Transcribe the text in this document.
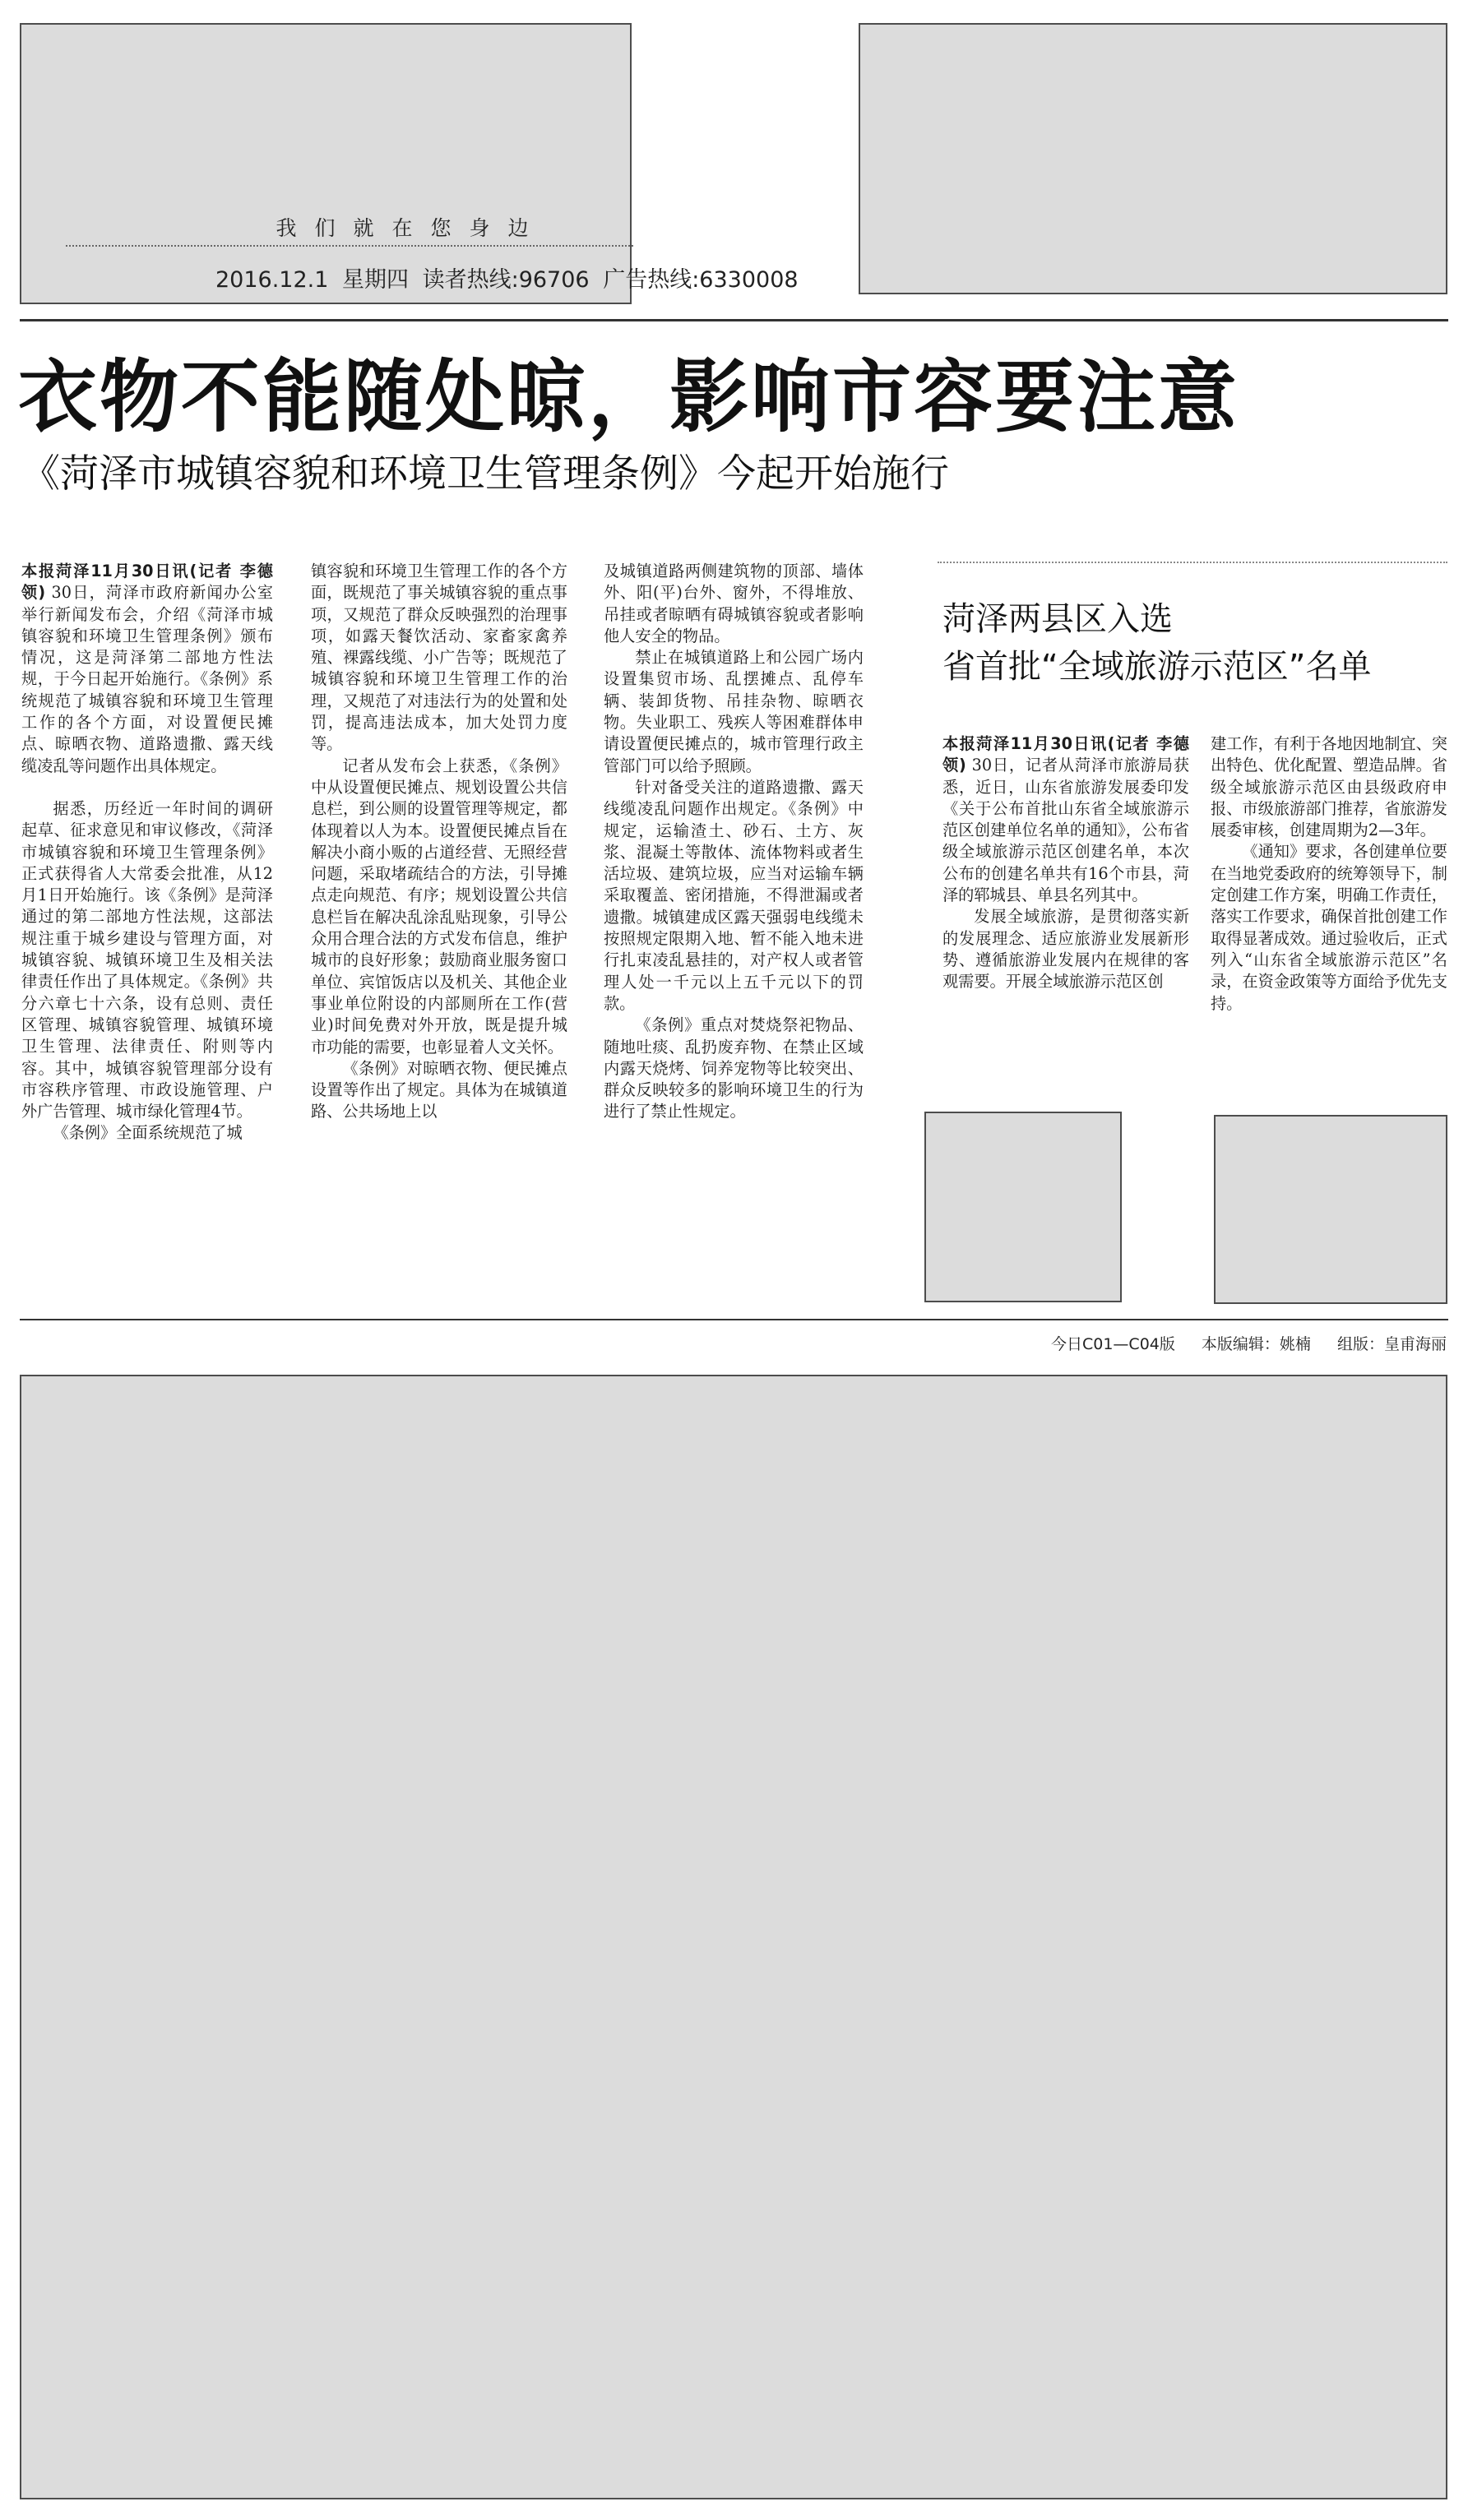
我们就在您身边
2016.12.1 星期四 读者热线:96706 广告热线:6330008
衣物不能随处晾，影响市容要注意
《菏泽市城镇容貌和环境卫生管理条例》今起开始施行

本报菏泽11月30日讯(记者 李德领) 30日，菏泽市政府新闻办公室举行新闻发布会，介绍《菏泽市城镇容貌和环境卫生管理条例》颁布情况，这是菏泽第二部地方性法规，于今日起开始施行。《条例》系统规范了城镇容貌和环境卫生管理工作的各个方面，对设置便民摊点、晾晒衣物、道路遗撒、露天线缆凌乱等问题作出具体规定。

据悉，历经近一年时间的调研起草、征求意见和审议修改，《菏泽市城镇容貌和环境卫生管理条例》正式获得省人大常委会批准，从12月1日开始施行。该《条例》是菏泽通过的第二部地方性法规，这部法规注重于城乡建设与管理方面，对城镇容貌、城镇环境卫生及相关法律责任作出了具体规定。《条例》共分六章七十六条，设有总则、责任区管理、城镇容貌管理、城镇环境卫生管理、法律责任、附则等内容。其中，城镇容貌管理部分设有市容秩序管理、市政设施管理、户外广告管理、城市绿化管理4节。

《条例》全面系统规范了城

镇容貌和环境卫生管理工作的各个方面，既规范了事关城镇容貌的重点事项，又规范了群众反映强烈的治理事项，如露天餐饮活动、家畜家禽养殖、裸露线缆、小广告等；既规范了城镇容貌和环境卫生管理工作的治理，又规范了对违法行为的处置和处罚，提高违法成本，加大处罚力度等。

记者从发布会上获悉，《条例》中从设置便民摊点、规划设置公共信息栏，到公厕的设置管理等规定，都体现着以人为本。设置便民摊点旨在解决小商小贩的占道经营、无照经营问题，采取堵疏结合的方法，引导摊点走向规范、有序；规划设置公共信息栏旨在解决乱涂乱贴现象，引导公众用合理合法的方式发布信息，维护城市的良好形象；鼓励商业服务窗口单位、宾馆饭店以及机关、其他企业事业单位附设的内部厕所在工作(营业)时间免费对外开放，既是提升城市功能的需要，也彰显着人文关怀。

《条例》对晾晒衣物、便民摊点设置等作出了规定。具体为在城镇道路、公共场地上以

及城镇道路两侧建筑物的顶部、墙体外、阳(平)台外、窗外，不得堆放、吊挂或者晾晒有碍城镇容貌或者影响他人安全的物品。

禁止在城镇道路上和公园广场内设置集贸市场、乱摆摊点、乱停车辆、装卸货物、吊挂杂物、晾晒衣物。失业职工、残疾人等困难群体申请设置便民摊点的，城市管理行政主管部门可以给予照顾。

针对备受关注的道路遗撒、露天线缆凌乱问题作出规定。《条例》中规定，运输渣土、砂石、土方、灰浆、混凝土等散体、流体物料或者生活垃圾、建筑垃圾，应当对运输车辆采取覆盖、密闭措施，不得泄漏或者遗撒。城镇建成区露天强弱电线缆未按照规定限期入地、暂不能入地未进行扎束凌乱悬挂的，对产权人或者管理人处一千元以上五千元以下的罚款。

《条例》重点对焚烧祭祀物品、随地吐痰、乱扔废弃物、在禁止区域内露天烧烤、饲养宠物等比较突出、群众反映较多的影响环境卫生的行为进行了禁止性规定。

菏泽两县区入选
省首批“全域旅游示范区”名单

本报菏泽11月30日讯(记者 李德领) 30日，记者从菏泽市旅游局获悉，近日，山东省旅游发展委印发《关于公布首批山东省全域旅游示范区创建单位名单的通知》，公布省级全域旅游示范区创建名单，本次公布的创建名单共有16个市县，菏泽的郓城县、单县名列其中。

发展全域旅游，是贯彻落实新的发展理念、适应旅游业发展新形势、遵循旅游业发展内在规律的客观需要。开展全域旅游示范区创

建工作，有利于各地因地制宜、突出特色、优化配置、塑造品牌。省级全域旅游示范区由县级政府申报、市级旅游部门推荐，省旅游发展委审核，创建周期为2—3年。

《通知》要求，各创建单位要在当地党委政府的统筹领导下，制定创建工作方案，明确工作责任，落实工作要求，确保首批创建工作取得显著成效。通过验收后，正式列入“山东省全域旅游示范区”名录，在资金政策等方面给予优先支持。

今日C01—C04版 本版编辑：姚楠 组版：皇甫海丽
